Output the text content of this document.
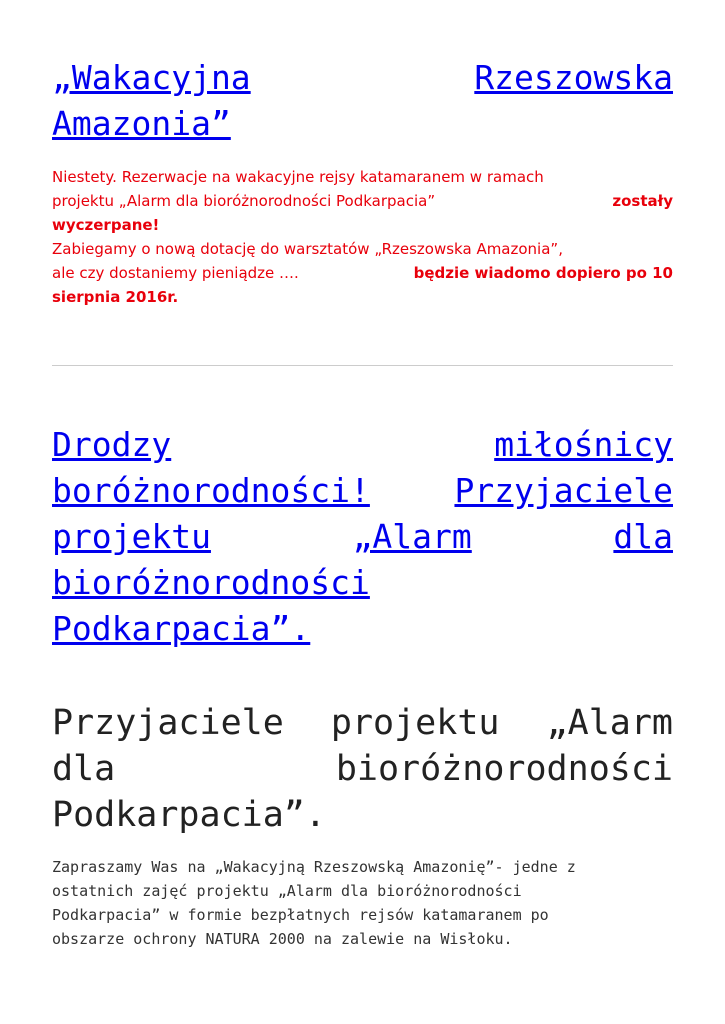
„Wakacyjna	Rzeszowska
Amazonia”
Niestety. Rezerwacje na wakacyjne rejsy katamaranem w ramach
projektu „Alarm dla bioróżnorodności Podkarpacia”	zostały
wyczerpane!
Zabiegamy o nową dotację do warsztatów „Rzeszowska Amazonia”,
ale czy dostaniemy pieniądze ….	będzie wiadomo dopiero po 10
sierpnia 2016r.
Drodzy	miłośnicy
boróżnorodności!	Przyjaciele
projektu	„Alarm	dla
bioróżnorodności
Podkarpacia”.
Przyjaciele projektu „Alarm
dla	bioróżnorodności
Podkarpacia”.
Zapraszamy Was na „Wakacyjną Rzeszowską Amazonię”- jedne z
ostatnich zajęć projektu „Alarm dla bioróżnorodności
Podkarpacia” w formie bezpłatnych rejsów katamaranem po
obszarze ochrony NATURA 2000 na zalewie na Wisłoku.
